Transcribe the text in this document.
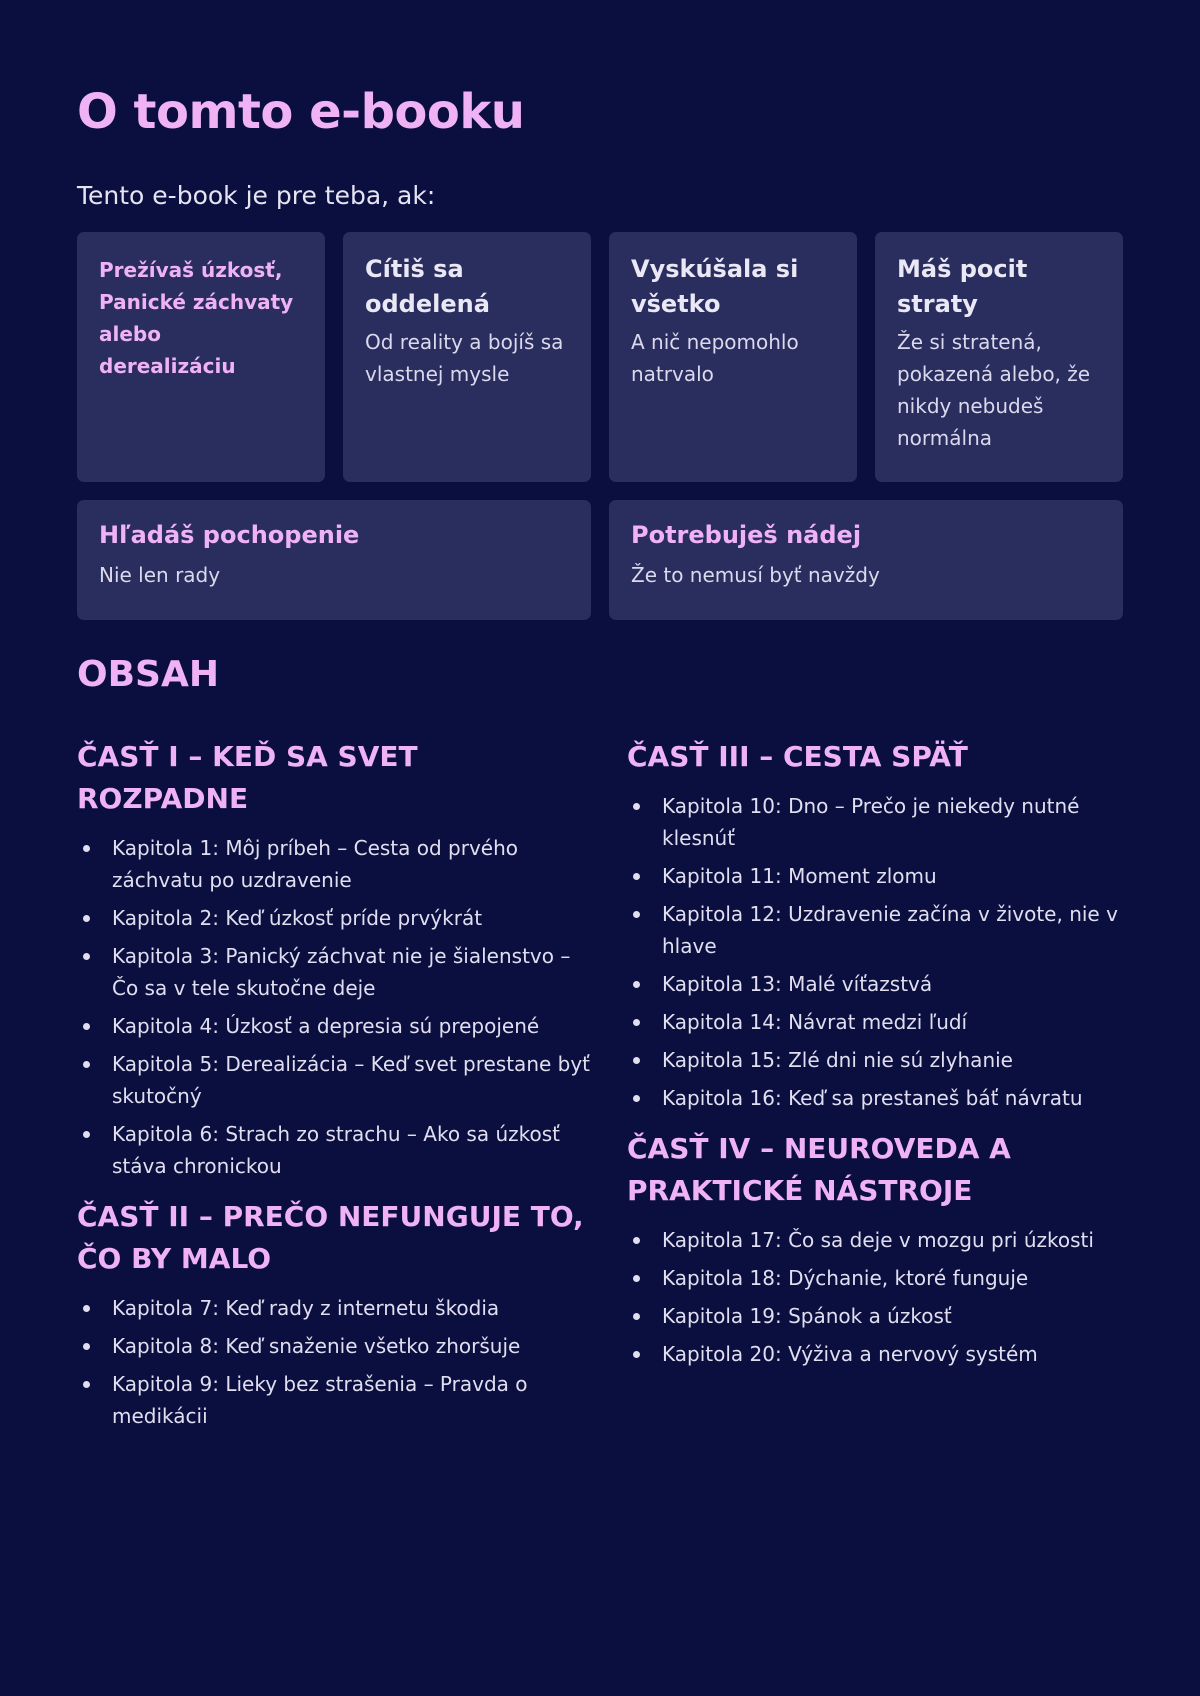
O tomto e-booku

Tento e-book je pre teba, ak:

Prežívaš úzkosť, Panické záchvaty alebo derealizáciu
Cítiš sa oddelená
Od reality a bojíš sa vlastnej mysle
Vyskúšala si všetko
A nič nepomohlo natrvalo
Máš pocit straty
Že si stratená, pokazená alebo, že nikdy nebudeš normálna
Hľadáš pochopenie
Nie len rady
Potrebuješ nádej
Že to nemusí byť navždy
OBSAH
ČASŤ I – KEĎ SA SVET ROZPADNE
Kapitola 1: Môj príbeh – Cesta od prvého záchvatu po uzdravenie
Kapitola 2: Keď úzkosť príde prvýkrát
Kapitola 3: Panický záchvat nie je šialenstvo – Čo sa v tele skutočne deje
Kapitola 4: Úzkosť a depresia sú prepojené
Kapitola 5: Derealizácia – Keď svet prestane byť skutočný
Kapitola 6: Strach zo strachu – Ako sa úzkosť stáva chronickou
ČASŤ II – PREČO NEFUNGUJE TO, ČO BY MALO
Kapitola 7: Keď rady z internetu škodia
Kapitola 8: Keď snaženie všetko zhoršuje
Kapitola 9: Lieky bez strašenia – Pravda o medikácii
ČASŤ III – CESTA SPÄŤ
Kapitola 10: Dno – Prečo je niekedy nutné klesnúť
Kapitola 11: Moment zlomu
Kapitola 12: Uzdravenie začína v živote, nie v hlave
Kapitola 13: Malé víťazstvá
Kapitola 14: Návrat medzi ľudí
Kapitola 15: Zlé dni nie sú zlyhanie
Kapitola 16: Keď sa prestaneš báť návratu
ČASŤ IV – NEUROVEDA A PRAKTICKÉ NÁSTROJE
Kapitola 17: Čo sa deje v mozgu pri úzkosti
Kapitola 18: Dýchanie, ktoré funguje
Kapitola 19: Spánok a úzkosť
Kapitola 20: Výživa a nervový systém
